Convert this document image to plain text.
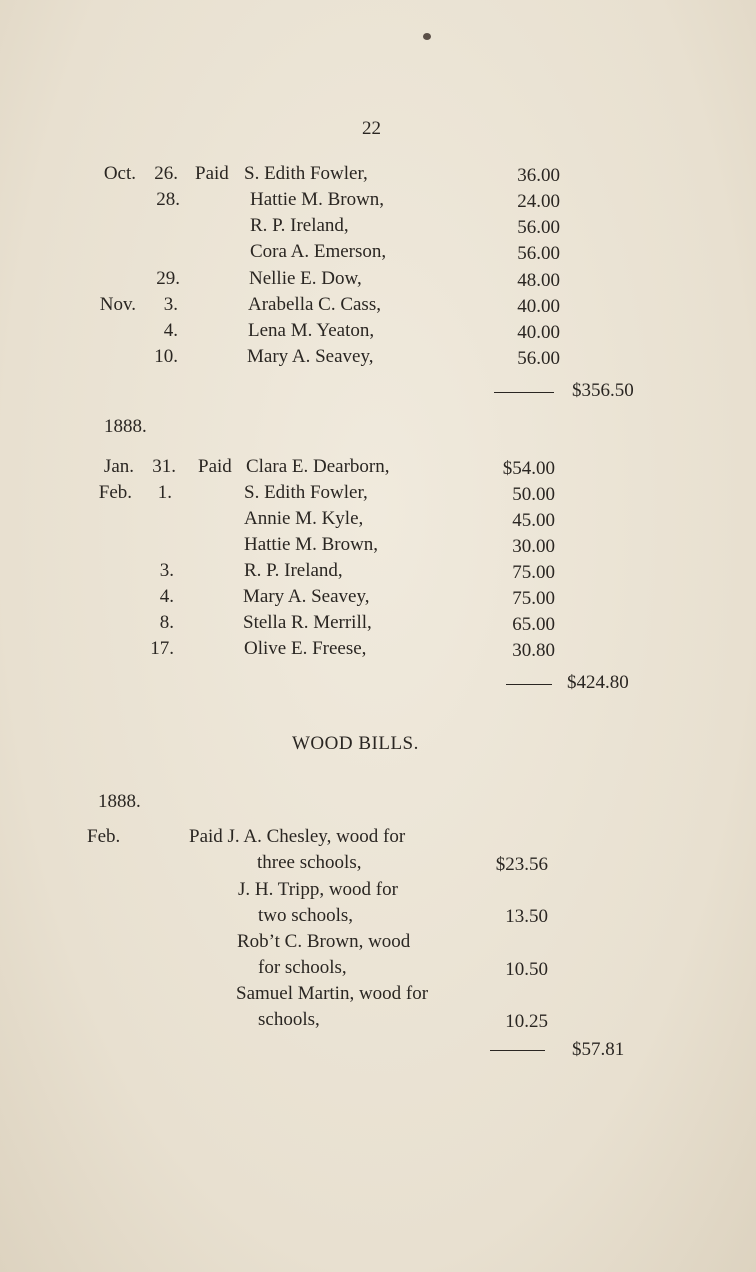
22
Oct. 26. Paid S. Edith Fowler,	36.00
28.	Hattie M. Brown,	24.00
R. P. Ireland,	56.00
Cora A. Emerson,	56.00
29.	Nellie E. Dow,	48.00
Nov.	3.	Arabella C. Cass,	40.00
4.	Lena M. Yeaton,	40.00
10.	Mary A. Seavey,	56.00
$356.50
1888.
Jan. 31. Paid Clara E. Dearborn,	$54.00
Feb.	1.	S. Edith Fowler,	50.00
Annie M. Kyle,	45.00
Hattie M. Brown,	30.00
3.	R. P. Ireland,	75.00
4.	Mary A. Seavey,	75.00
8.	Stella R. Merrill,	65.00
17.	Olive E. Freese,	30.80
$424.80
WOOD BILLS.
1888.
Feb.	Paid J. A. Chesley, wood for
three schools,	$23.56
J. H. Tripp, wood for
two schools,	13.50
Rob’t C. Brown, wood
for schools,	10.50
Samuel Martin, wood for
schools,	10.25
$57.81
